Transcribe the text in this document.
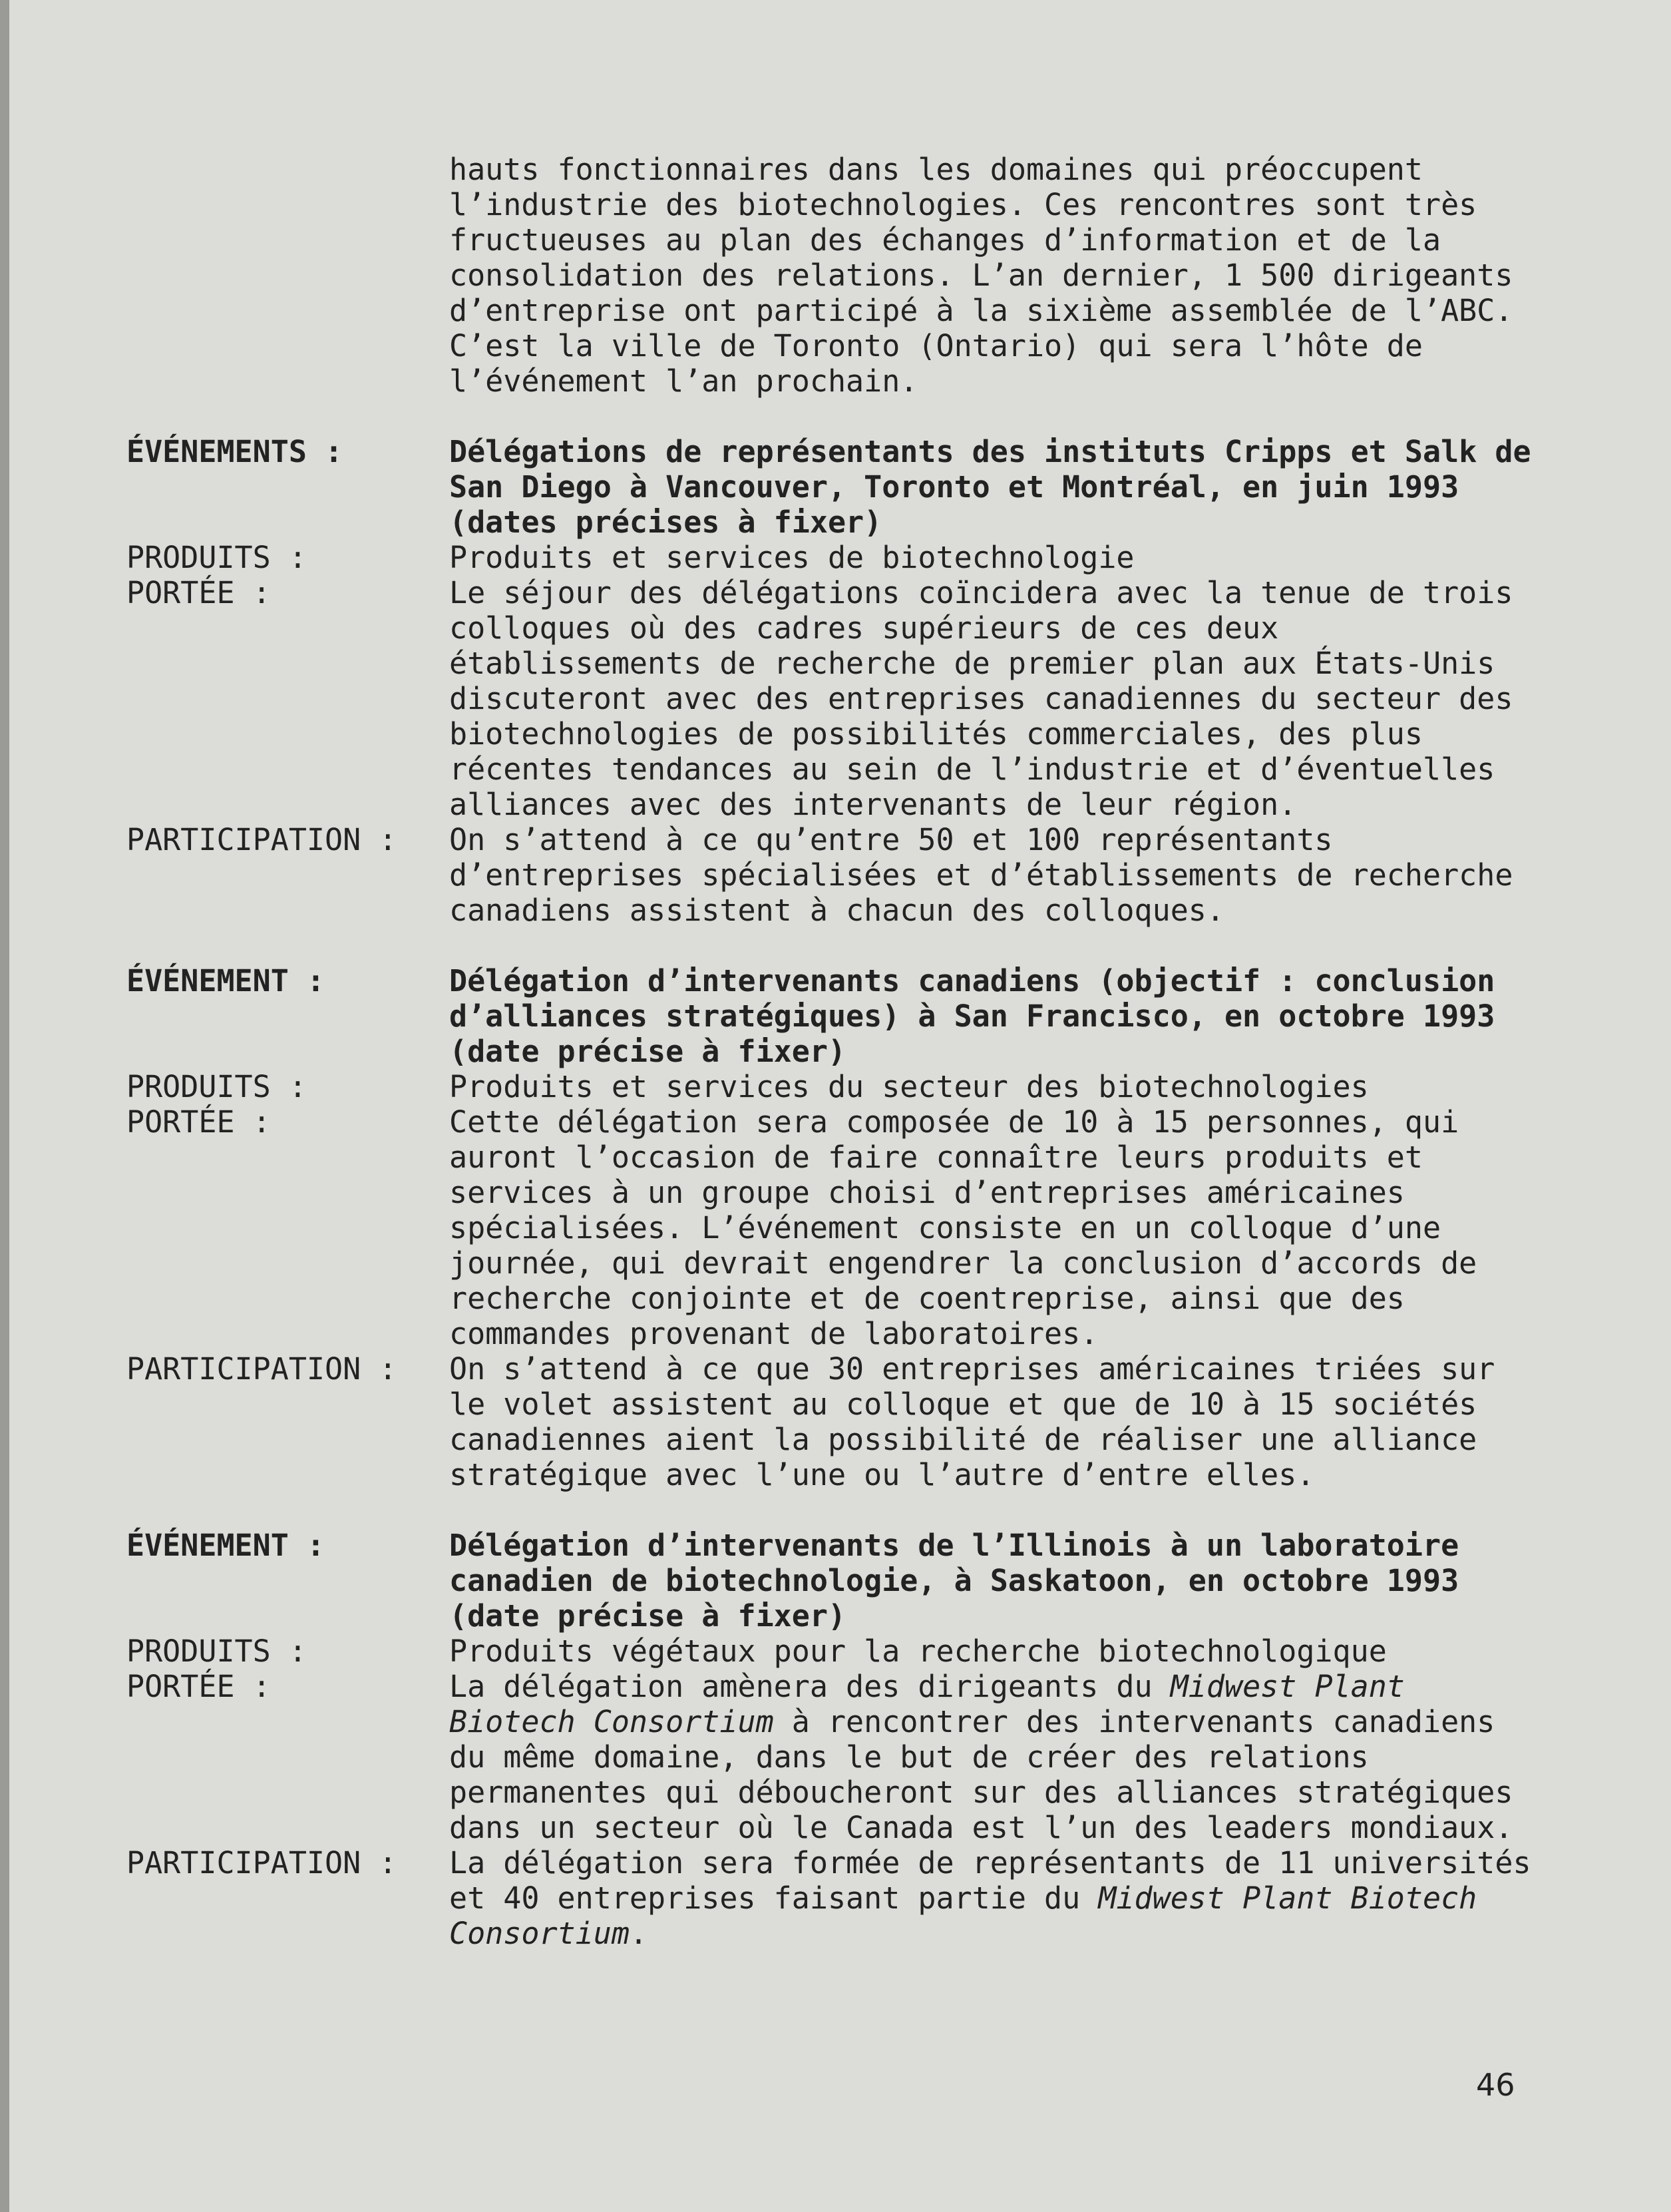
hauts fonctionnaires dans les domaines qui préoccupent
l’industrie des biotechnologies. Ces rencontres sont très
fructueuses au plan des échanges d’information et de la
consolidation des relations. L’an dernier, 1 500 dirigeants
d’entreprise ont participé à la sixième assemblée de l’ABC.
C’est la ville de Toronto (Ontario) qui sera l’hôte de
l’événement l’an prochain.
ÉVÉNEMENTS :	Délégations de représentants des instituts Cripps et Salk de
San Diego à Vancouver, Toronto et Montréal, en juin 1993
(dates précises à fixer)
PRODUITS :	Produits et services de biotechnologie
PORTÉE :	Le séjour des délégations coïncidera avec la tenue de trois
colloques où des cadres supérieurs de ces deux
établissements de recherche de premier plan aux États-Unis
discuteront avec des entreprises canadiennes du secteur des
biotechnologies de possibilités commerciales, des plus
récentes tendances au sein de l’industrie et d’éventuelles
alliances avec des intervenants de leur région.
PARTICIPATION :	On s’attend à ce qu’entre 50 et 100 représentants
d’entreprises spécialisées et d’établissements de recherche
canadiens assistent à chacun des colloques.
ÉVÉNEMENT :	Délégation d’intervenants canadiens (objectif : conclusion
d’alliances stratégiques) à San Francisco, en octobre 1993
(date précise à fixer)
PRODUITS :	Produits et services du secteur des biotechnologies
PORTÉE :	Cette délégation sera composée de 10 à 15 personnes, qui
auront l’occasion de faire connaître leurs produits et
services à un groupe choisi d’entreprises américaines
spécialisées. L’événement consiste en un colloque d’une
journée, qui devrait engendrer la conclusion d’accords de
recherche conjointe et de coentreprise, ainsi que des
commandes provenant de laboratoires.
PARTICIPATION :	On s’attend à ce que 30 entreprises américaines triées sur
le volet assistent au colloque et que de 10 à 15 sociétés
canadiennes aient la possibilité de réaliser une alliance
stratégique avec l’une ou l’autre d’entre elles.
ÉVÉNEMENT :	Délégation d’intervenants de l’Illinois à un laboratoire
canadien de biotechnologie, à Saskatoon, en octobre 1993
(date précise à fixer)
PRODUITS :	Produits végétaux pour la recherche biotechnologique
PORTÉE :	La délégation amènera des dirigeants du Midwest Plant
Biotech Consortium à rencontrer des intervenants canadiens
du même domaine, dans le but de créer des relations
permanentes qui déboucheront sur des alliances stratégiques
dans un secteur où le Canada est l’un des leaders mondiaux.
PARTICIPATION :	La délégation sera formée de représentants de 11 universités
et 40 entreprises faisant partie du Midwest Plant Biotech
Consortium.
46
